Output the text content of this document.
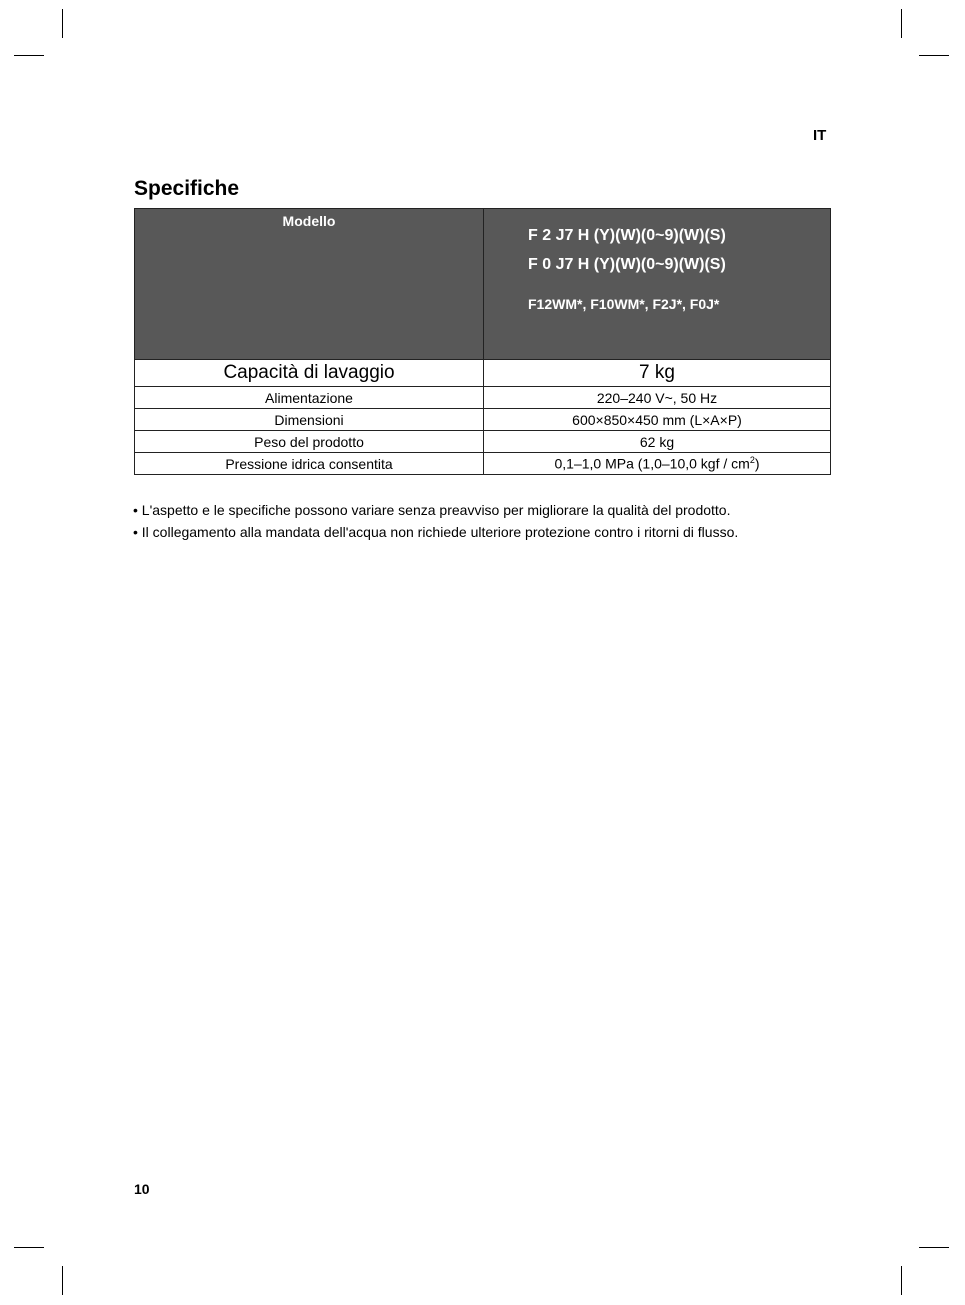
IT
Specifiche
Modello	F 2 J7 H (Y)(W)(0~9)(W)(S)
F 0 J7 H (Y)(W)(0~9)(W)(S)
F12WM*, F10WM*, F2J*, F0J*

Capacità di lavaggio	7 kg
Alimentazione	220–240 V~, 50 Hz
Dimensioni	600×850×450 mm (L×A×P)
Peso del prodotto	62 kg
Pressione idrica consentita	0,1–1,0 MPa (1,0–10,0 kgf / $cm^2$)
• L'aspetto e le specifiche possono variare senza preavviso per migliorare la qualità del prodotto.
• Il collegamento alla mandata dell'acqua non richiede ulteriore protezione contro i ritorni di flusso.
10
